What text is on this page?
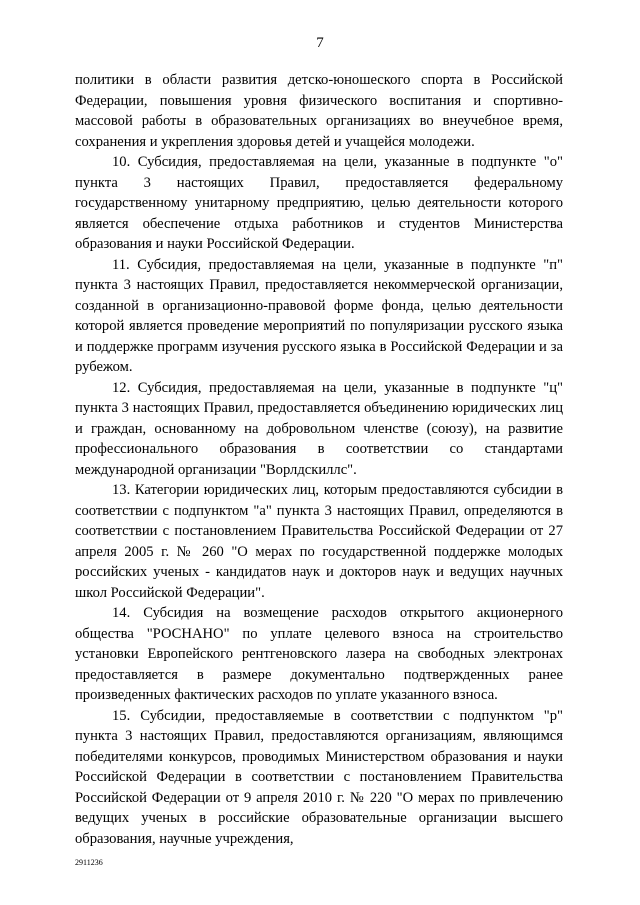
7

политики в области развития детско-юношеского спорта в Российской Федерации, повышения уровня физического воспитания и спортивно-массовой работы в образовательных организациях во внеучебное время, сохранения и укрепления здоровья детей и учащейся молодежи.

10. Субсидия, предоставляемая на цели, указанные в подпункте "о" пункта 3 настоящих Правил, предоставляется федеральному государственному унитарному предприятию, целью деятельности которого является обеспечение отдыха работников и студентов Министерства образования и науки Российской Федерации.

11. Субсидия, предоставляемая на цели, указанные в подпункте "п" пункта 3 настоящих Правил, предоставляется некоммерческой организации, созданной в организационно-правовой форме фонда, целью деятельности которой является проведение мероприятий по популяризации русского языка и поддержке программ изучения русского языка в Российской Федерации и за рубежом.

12. Субсидия, предоставляемая на цели, указанные в подпункте "ц" пункта 3 настоящих Правил, предоставляется объединению юридических лиц и граждан, основанному на добровольном членстве (союзу), на развитие профессионального образования в соответствии со стандартами международной организации "Ворлдскиллс".

13. Категории юридических лиц, которым предоставляются субсидии в соответствии с подпунктом "а" пункта 3 настоящих Правил, определяются в соответствии с постановлением Правительства Российской Федерации от 27 апреля 2005 г. № 260 "О мерах по государственной поддержке молодых российских ученых - кандидатов наук и докторов наук и ведущих научных школ Российской Федерации".

14. Субсидия на возмещение расходов открытого акционерного общества "РОСНАНО" по уплате целевого взноса на строительство установки Европейского рентгеновского лазера на свободных электронах предоставляется в размере документально подтвержденных ранее произведенных фактических расходов по уплате указанного взноса.

15. Субсидии, предоставляемые в соответствии с подпунктом "р" пункта 3 настоящих Правил, предоставляются организациям, являющимся победителями конкурсов, проводимых Министерством образования и науки Российской Федерации в соответствии с постановлением Правительства Российской Федерации от 9 апреля 2010 г. № 220 "О мерах по привлечению ведущих ученых в российские образовательные организации высшего образования, научные учреждения,

2911236
